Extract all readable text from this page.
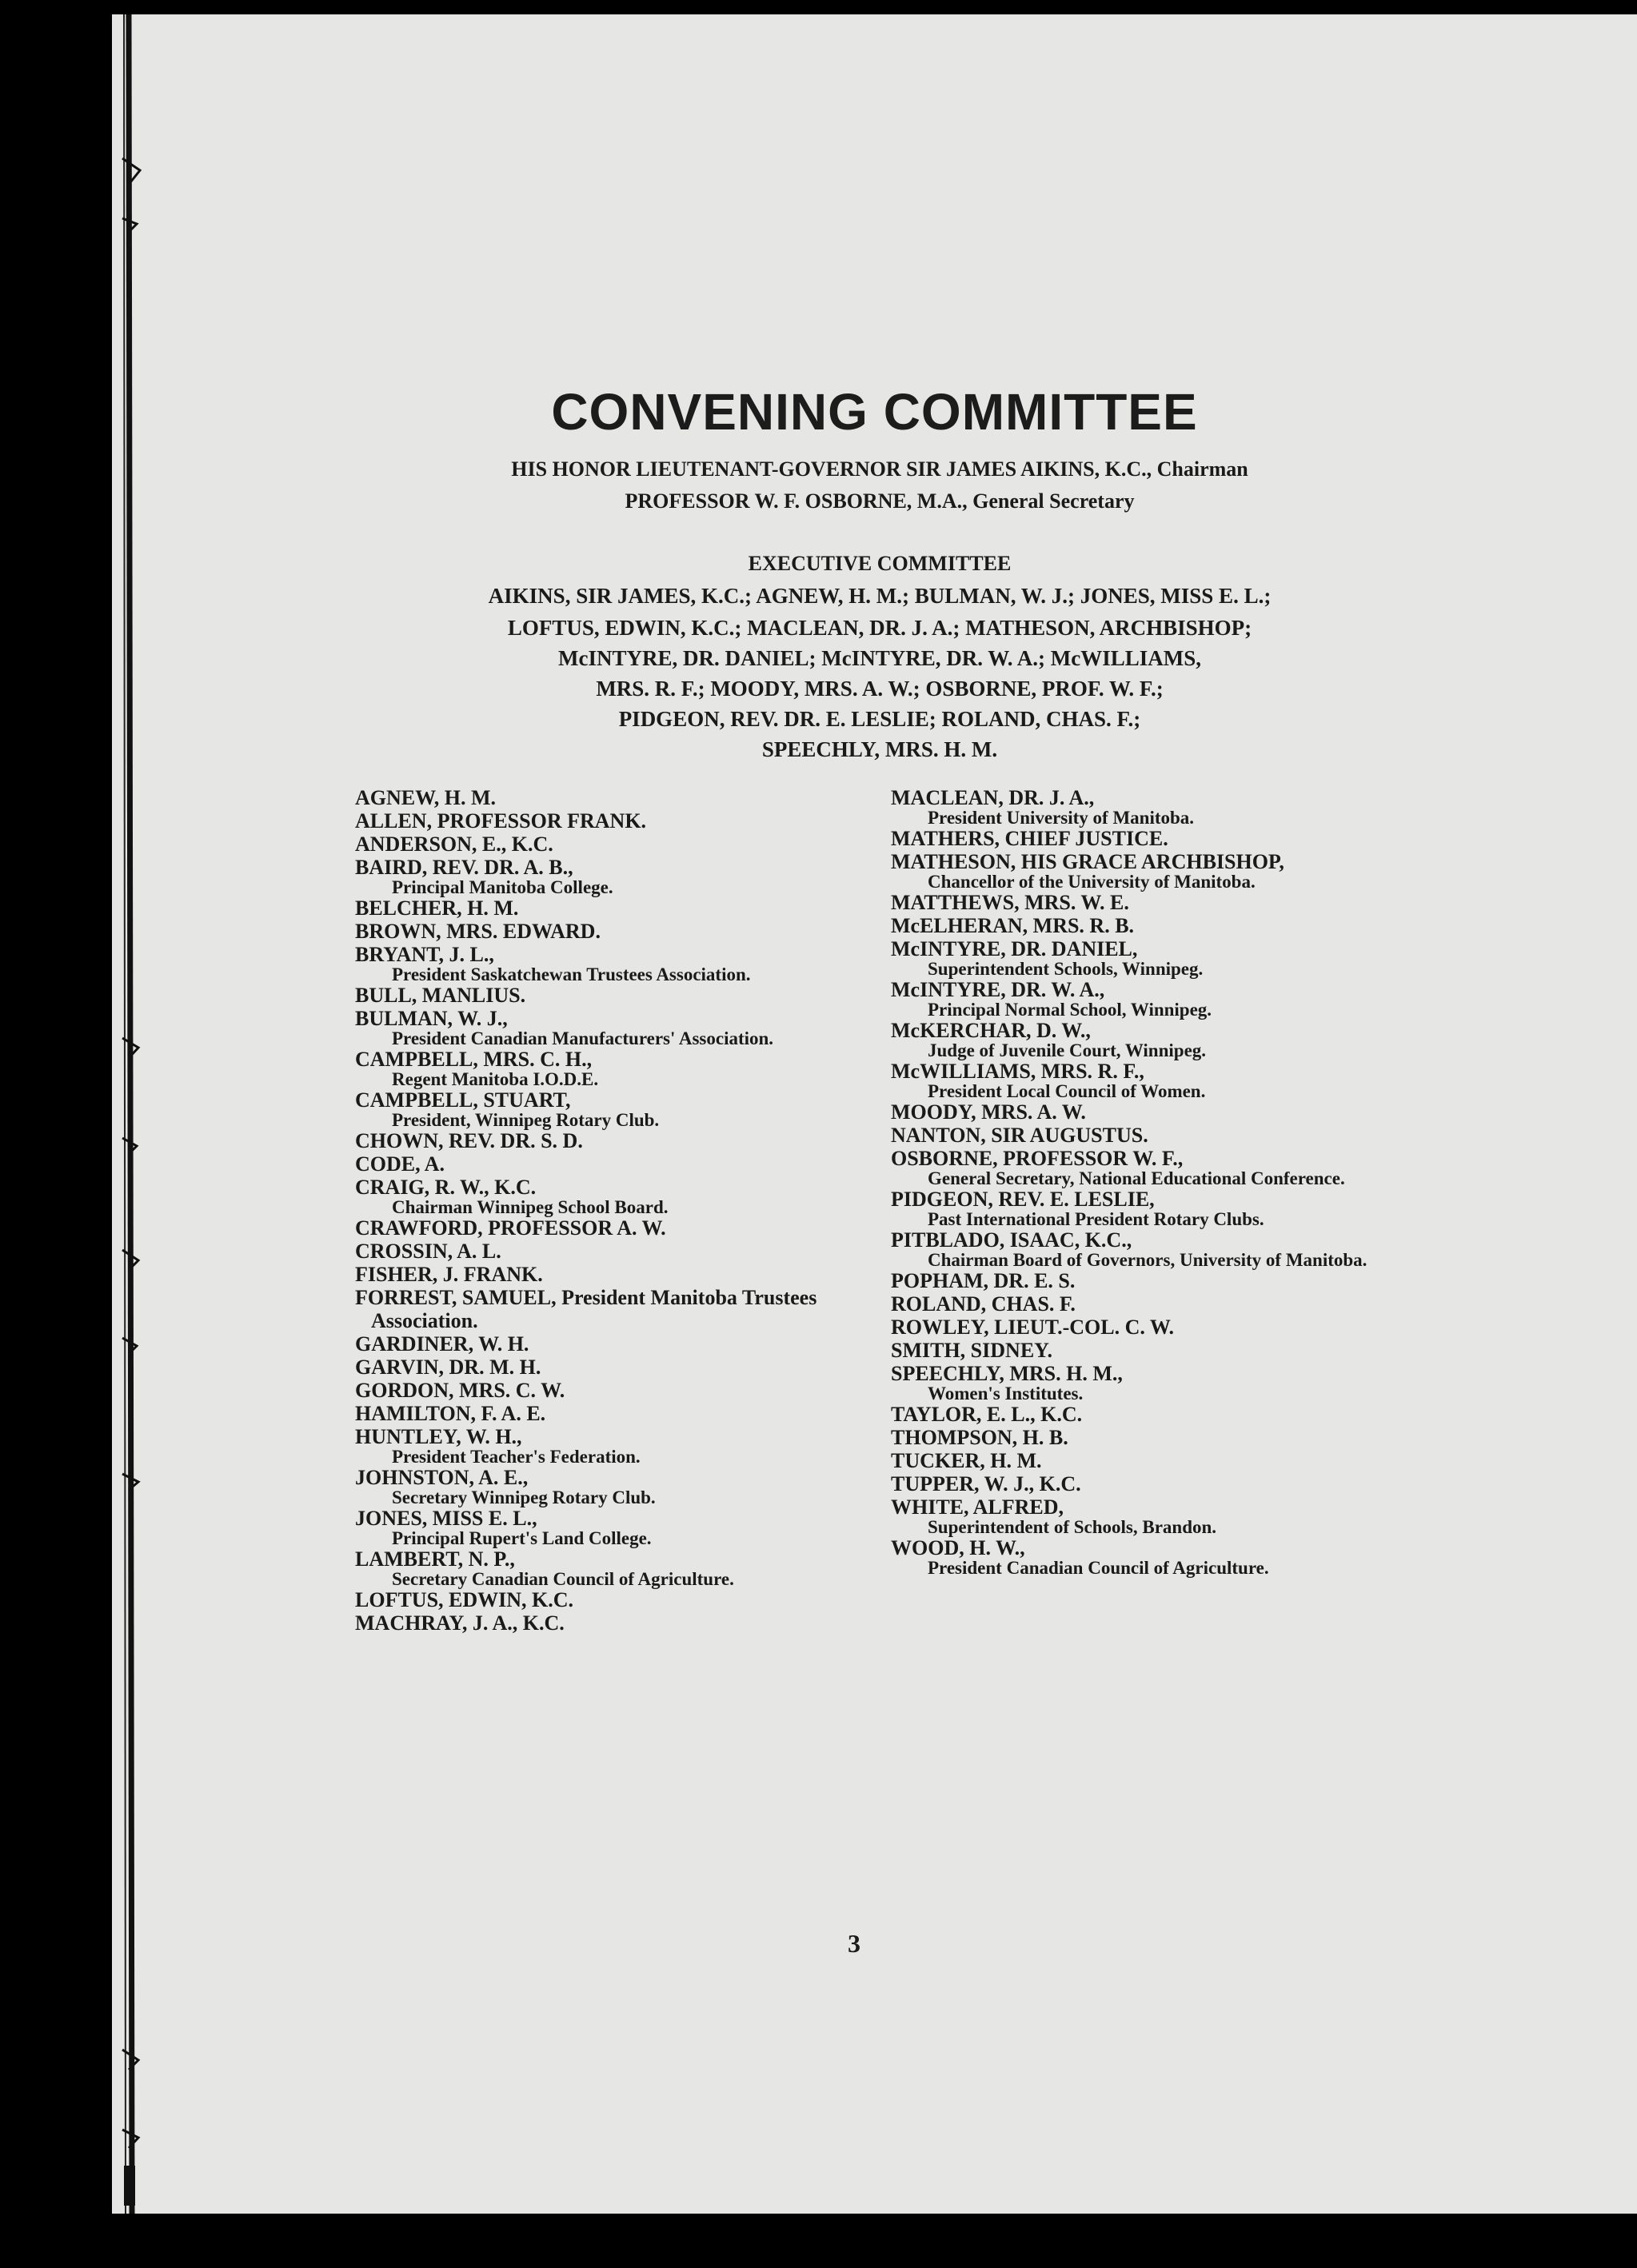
CONVENING COMMITTEE
HIS HONOR LIEUTENANT-GOVERNOR SIR JAMES AIKINS, K.C., Chairman
PROFESSOR W. F. OSBORNE, M.A., General Secretary
EXECUTIVE COMMITTEE
AIKINS, SIR JAMES, K.C.; AGNEW, H. M.; BULMAN, W. J.; JONES, MISS E. L.;
LOFTUS, EDWIN, K.C.; MACLEAN, DR. J. A.; MATHESON, ARCHBISHOP;
McINTYRE, DR. DANIEL; McINTYRE, DR. W. A.; McWILLIAMS,
MRS. R. F.; MOODY, MRS. A. W.; OSBORNE, PROF. W. F.;
PIDGEON, REV. DR. E. LESLIE; ROLAND, CHAS. F.;
SPEECHLY, MRS. H. M.
AGNEW, H. M.
ALLEN, PROFESSOR FRANK.
ANDERSON, E., K.C.
BAIRD, REV. DR. A. B.,
Principal Manitoba College.
BELCHER, H. M.
BROWN, MRS. EDWARD.
BRYANT, J. L.,
President Saskatchewan Trustees Association.
BULL, MANLIUS.
BULMAN, W. J.,
President Canadian Manufacturers' Association.
CAMPBELL, MRS. C. H.,
Regent Manitoba I.O.D.E.
CAMPBELL, STUART,
President, Winnipeg Rotary Club.
CHOWN, REV. DR. S. D.
CODE, A.
CRAIG, R. W., K.C.
Chairman Winnipeg School Board.
CRAWFORD, PROFESSOR A. W.
CROSSIN, A. L.
FISHER, J. FRANK.
FORREST, SAMUEL, President Manitoba Trustees Association.
GARDINER, W. H.
GARVIN, DR. M. H.
GORDON, MRS. C. W.
HAMILTON, F. A. E.
HUNTLEY, W. H.,
President Teacher's Federation.
JOHNSTON, A. E.,
Secretary Winnipeg Rotary Club.
JONES, MISS E. L.,
Principal Rupert's Land College.
LAMBERT, N. P.,
Secretary Canadian Council of Agriculture.
LOFTUS, EDWIN, K.C.
MACHRAY, J. A., K.C.
MACLEAN, DR. J. A.,
President University of Manitoba.
MATHERS, CHIEF JUSTICE.
MATHESON, HIS GRACE ARCHBISHOP,
Chancellor of the University of Manitoba.
MATTHEWS, MRS. W. E.
McELHERAN, MRS. R. B.
McINTYRE, DR. DANIEL,
Superintendent Schools, Winnipeg.
McINTYRE, DR. W. A.,
Principal Normal School, Winnipeg.
McKERCHAR, D. W.,
Judge of Juvenile Court, Winnipeg.
McWILLIAMS, MRS. R. F.,
President Local Council of Women.
MOODY, MRS. A. W.
NANTON, SIR AUGUSTUS.
OSBORNE, PROFESSOR W. F.,
General Secretary, National Educational Conference.
PIDGEON, REV. E. LESLIE,
Past International President Rotary Clubs.
PITBLADO, ISAAC, K.C.,
Chairman Board of Governors, University of Manitoba.
POPHAM, DR. E. S.
ROLAND, CHAS. F.
ROWLEY, LIEUT.-COL. C. W.
SMITH, SIDNEY.
SPEECHLY, MRS. H. M.,
Women's Institutes.
TAYLOR, E. L., K.C.
THOMPSON, H. B.
TUCKER, H. M.
TUPPER, W. J., K.C.
WHITE, ALFRED,
Superintendent of Schools, Brandon.
WOOD, H. W.,
President Canadian Council of Agriculture.
3
